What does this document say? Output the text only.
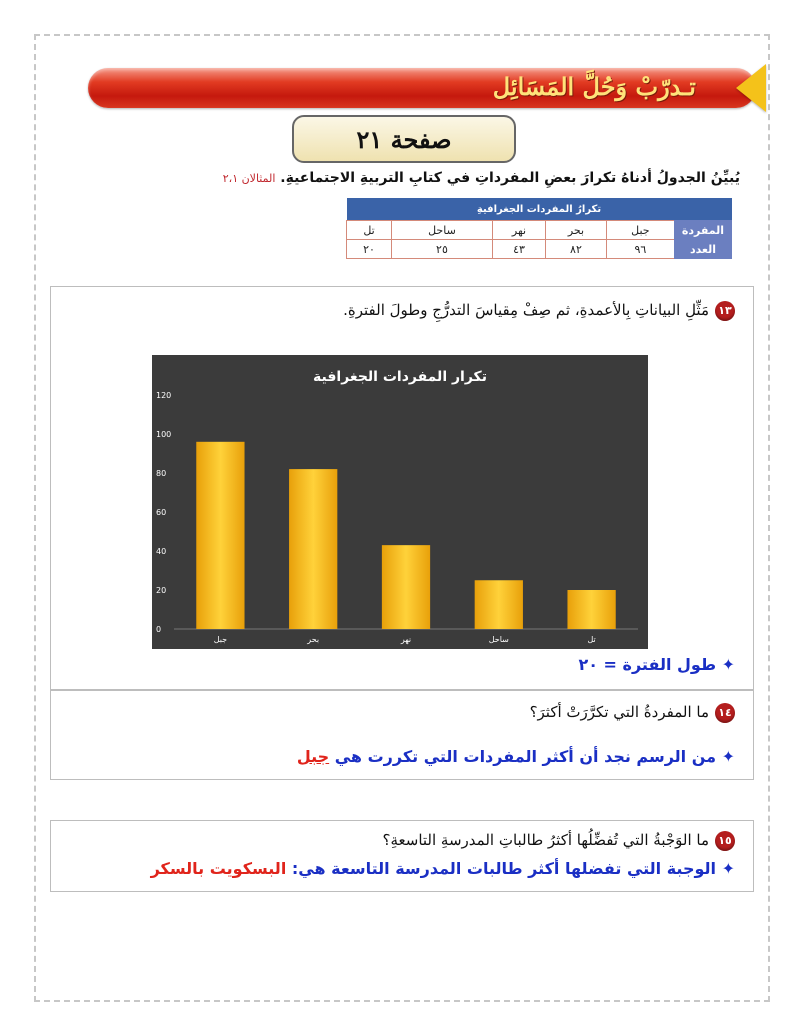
تـدرّبْ وَحُلَّ المَسَائِل
صفحة ٢١
يُبيِّنُ الجدولُ أدناهُ تكرارَ بعضِ المفرداتِ في كتابِ التربيةِ الاجتماعيةِ. المثالان ٢،١
تكرارُ المفردات الجغرافيةِ					
المفردة	جبل	بحر	نهر	ساحل	تل
العدد	٩٦	٨٢	٤٣	٢٥	٢٠
١٣مَثِّلِ البياناتِ بِالأعمدةِ، ثم صِفْ مِقياسَ التدرُّجِ وطولَ الفترةِ.
✦ طول الفترة = ٢٠
تكرار المفردات الجغرافية
0
20
40
60
80
100
120
جبل	بحر	نهر	ساحل	تل
١٤ما المفردةُ التي تكرَّرَتْ أكثرَ؟
✦ من الرسم نجد أن أكثر المفردات التي تكررت هي جبل
١٥ما الوَجْبةُ التي تُفضِّلُها أكثرُ طالباتِ المدرسةِ التاسعةِ؟
✦ الوجبة التي تفضلها أكثر طالبات المدرسة التاسعة هي: البسكويت بالسكر
